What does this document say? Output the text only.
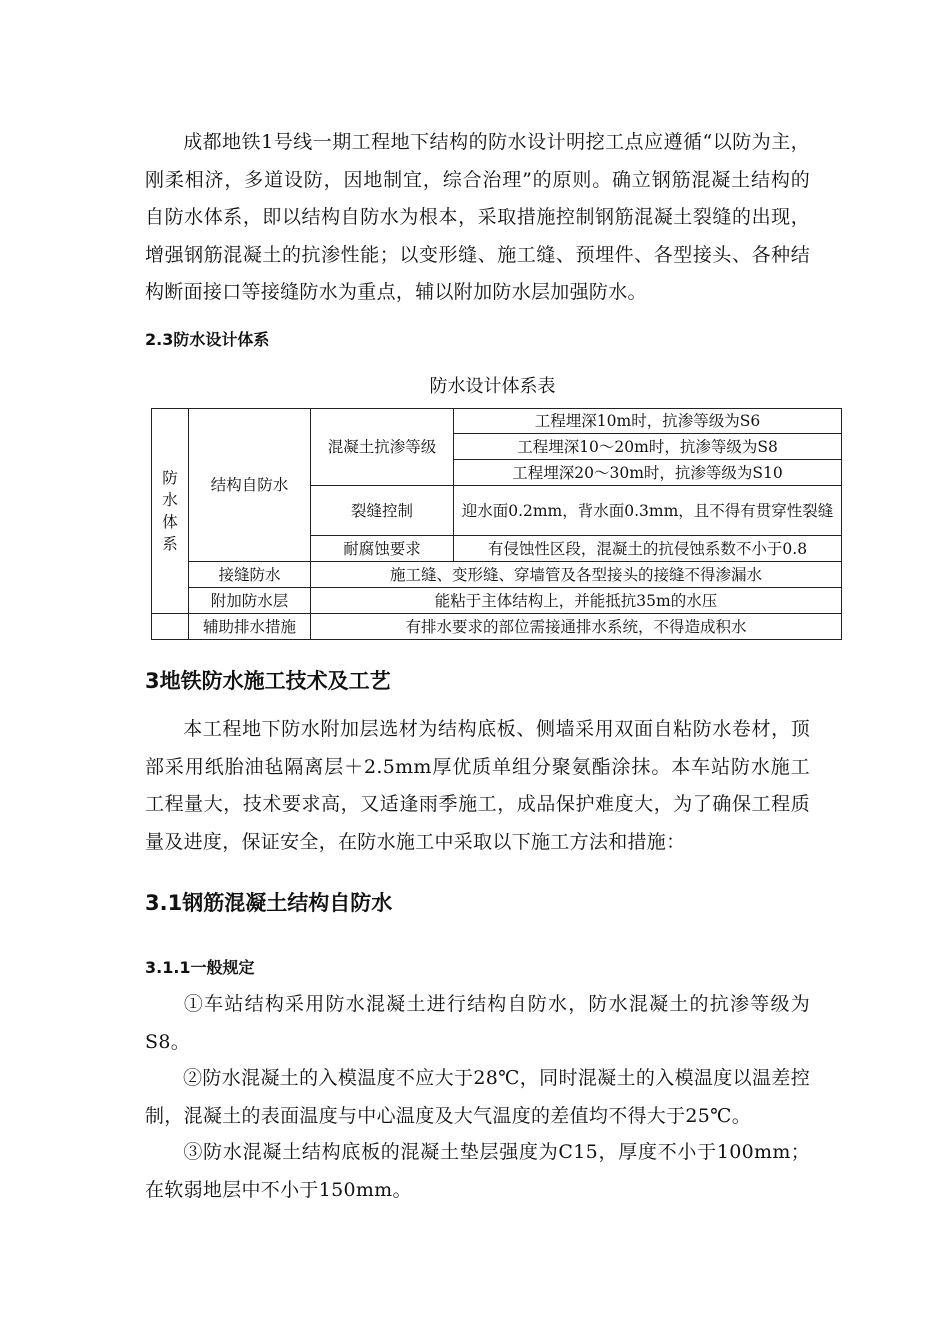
成都地铁1号线一期工程地下结构的防水设计明挖工点应遵循“以防为主，刚柔相济，多道设防，因地制宜，综合治理”的原则。确立钢筋混凝土结构的自防水体系，即以结构自防水为根本，采取措施控制钢筋混凝土裂缝的出现，增强钢筋混凝土的抗渗性能；以变形缝、施工缝、预埋件、各型接头、各种结构断面接口等接缝防水为重点，辅以附加防水层加强防水。

2.3防水设计体系

防水设计体系表

防
水
体
系	结构自防水	混凝土抗渗等级	工程埋深10m时，抗渗等级为S6
			工程埋深10～20m时，抗渗等级为S8
			工程埋深20～30m时，抗渗等级为S10
		裂缝控制	迎水面0.2mm，背水面0.3mm，且不得有贯穿性裂缝
		耐腐蚀要求	有侵蚀性区段，混凝土的抗侵蚀系数不小于0.8
	接缝防水	施工缝、变形缝、穿墙管及各型接头的接缝不得渗漏水	
	附加防水层	能粘于主体结构上，并能抵抗35m的水压	
	辅助排水措施	有排水要求的部位需接通排水系统，不得造成积水	
3地铁防水施工技术及工艺

本工程地下防水附加层选材为结构底板、侧墙采用双面自粘防水卷材，顶部采用纸胎油毡隔离层＋2.5mm厚优质单组分聚氨酯涂抹。本车站防水施工工程量大，技术要求高，又适逢雨季施工，成品保护难度大，为了确保工程质量及进度，保证安全，在防水施工中采取以下施工方法和措施：

3.1钢筋混凝土结构自防水
3.1.1一般规定

①车站结构采用防水混凝土进行结构自防水，防水混凝土的抗渗等级为S8。

②防水混凝土的入模温度不应大于28℃，同时混凝土的入模温度以温差控制，混凝土的表面温度与中心温度及大气温度的差值均不得大于25℃。

③防水混凝土结构底板的混凝土垫层强度为C15，厚度不小于100mm；在软弱地层中不小于150mm。
